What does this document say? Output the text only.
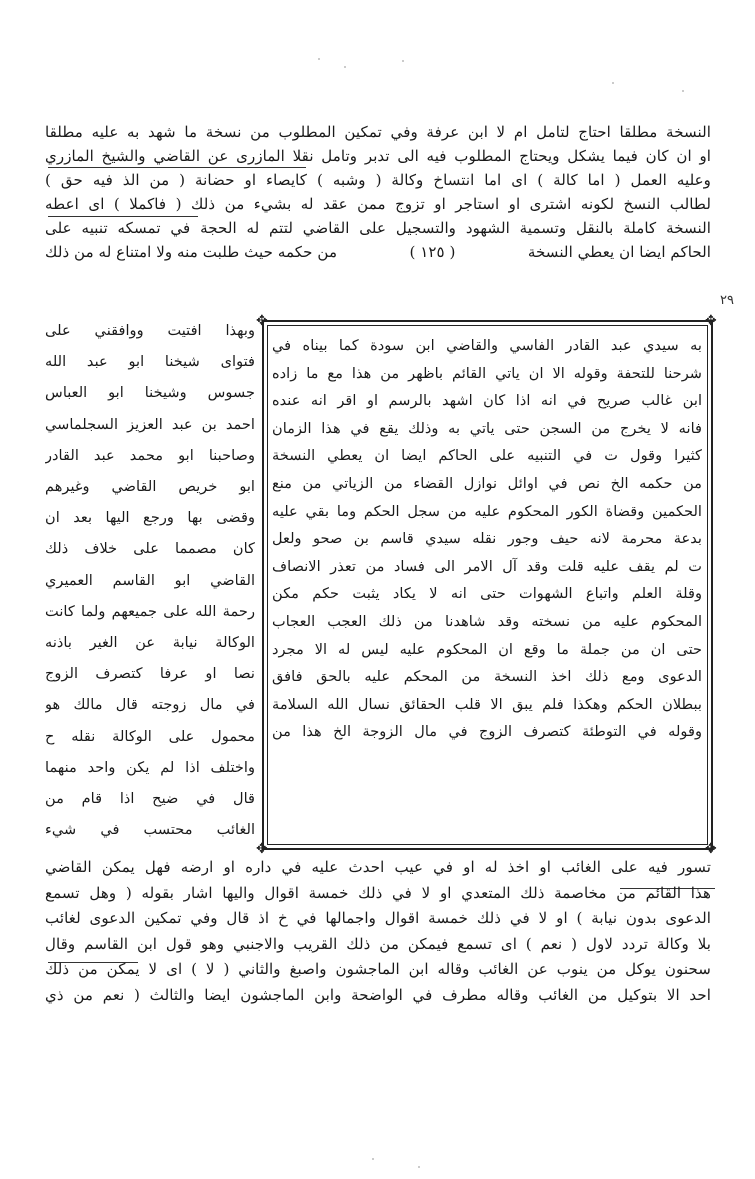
٢٩
النسخة مطلقا احتاج لتامل ام لا ابن عرفة وفي تمكين المطلوب من نسخة ما شهد به عليه مطلقا
او ان كان فيما يشكل ويحتاج المطلوب فيه الى تدبر وتامل نقلا المازرى عن القاضي والشيخ المازري
وعليه العمل ( اما كالة ) اى اما انتساخ وكالة ( وشبه ) كايصاء او حضانة ( من الذ فيه حق )
لطالب النسخ لكونه اشترى او استاجر او تزوج ممن عقد له بشيء من ذلك ( فاكملا ) اى اعطه
النسخة كاملة بالنقل وتسمية الشهود والتسجيل على القاضي لتتم له الحجة في تمسكه تنبيه على
الحاكم ايضا ان يعطي النسخة
( ١٢٥ )
من حكمه حيث طلبت منه ولا امتناع له من ذلك
✥	✥
✥	✥
به سيدي عبد القادر الفاسي والقاضي ابن سودة كما بيناه في
شرحنا للتحفة وقوله الا ان ياتي القائم باظهر من هذا مع ما زاده
ابن غالب صريح في انه اذا كان اشهد بالرسم او اقر انه عنده
فانه لا يخرج من السجن حتى ياتي به وذلك يقع في هذا الزمان
كثيرا وقول ت في التنبيه على الحاكم ايضا ان يعطي النسخة
من حكمه الخ نص في اوائل نوازل القضاء من الزياتي من منع
الحكمين وقضاة الكور المحكوم عليه من سجل الحكم وما بقي عليه
بدعة محرمة لانه حيف وجور نقله سيدي قاسم بن صحو ولعل
ت لم يقف عليه قلت وقد آل الامر الى فساد من تعذر الانصاف
وقلة العلم واتباع الشهوات حتى انه لا يكاد يثبت حكم مكن
المحكوم عليه من نسخته وقد شاهدنا من ذلك العجب العجاب
حتى ان من جملة ما وقع ان المحكوم عليه ليس له الا مجرد
الدعوى ومع ذلك اخذ النسخة من المحكم عليه بالحق فافق
ببطلان الحكم وهكذا فلم يبق الا قلب الحقائق نسال الله السلامة
وقوله في التوطئة كتصرف الزوج في مال الزوجة الخ هذا من
وبهذا افتيت ووافقني على
فتواى شيخنا ابو عبد الله
جسوس وشيخنا ابو العباس
احمد بن عبد العزيز السجلماسي
وصاحبنا ابو محمد عبد القادر
ابو خريص القاضي وغيرهم
وقضى بها ورجع اليها بعد ان
كان مصمما على خلاف ذلك
القاضي ابو القاسم العميري
رحمة الله على جميعهم ولما كانت
الوكالة نيابة عن الغير باذنه
نصا او عرفا كتصرف الزوج
في مال زوجته قال مالك هو
محمول على الوكالة نقله ح
واختلف اذا لم يكن واحد منهما
قال في ضيح اذا قام من
الغائب محتسب في شيء
تسور فيه على الغائب او اخذ له او في عيب احدث عليه في داره او ارضه فهل يمكن القاضي
هذا القائم من مخاصمة ذلك المتعدي او لا في ذلك خمسة اقوال واليها اشار بقوله ( وهل تسمع
الدعوى بدون نيابة ) او لا في ذلك خمسة اقوال واجمالها في خ اذ قال وفي تمكين الدعوى لغائب
بلا وكالة تردد لاول ( نعم ) اى تسمع فيمكن من ذلك القريب والاجنبي وهو قول ابن القاسم وقال
سحنون يوكل من ينوب عن الغائب وقاله ابن الماجشون واصبغ والثاني ( لا ) اى لا يمكن من ذلك
احد الا بتوكيل من الغائب وقاله مطرف في الواضحة وابن الماجشون ايضا والثالث ( نعم من ذي
